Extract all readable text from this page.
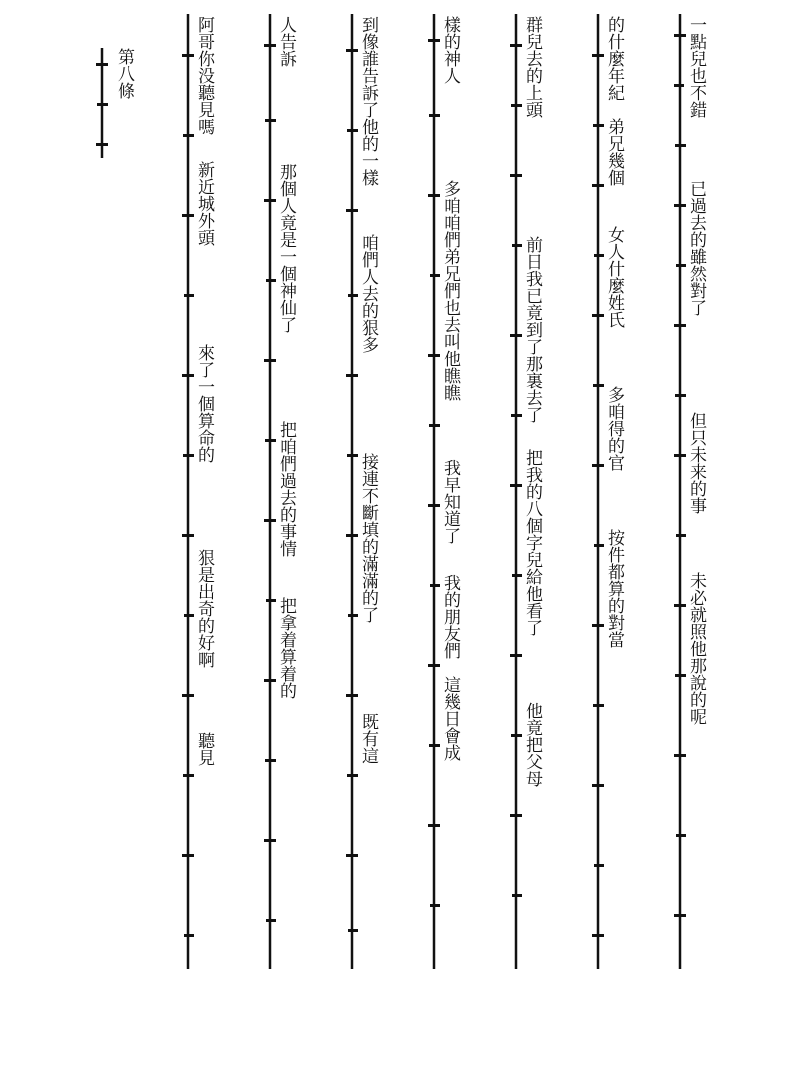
一點兒也不錯已過去的雖然對了但只未来的事未必就照他那說的呢
的什麼年紀　弟兄幾個女人什麼姓氏多咱得的官按件都算的對當
群兒去的上頭前日我已竟到了那裏去了把我的八個字兒給他看了他竟把父母
樣的神人多咱咱們弟兄們也去叫他瞧瞧我早知道了我的朋友們　這幾日會成
到像誰告訴了他的一樣咱們人去的狠多接連不斷填的滿滿的了既有這
人告訴那個人竟是一個神仙了把咱們過去的事情把拿着算着的
阿哥你没聽見嗎新近城外頭來了一個算命的狠是出奇的好啊聽見
第八條
